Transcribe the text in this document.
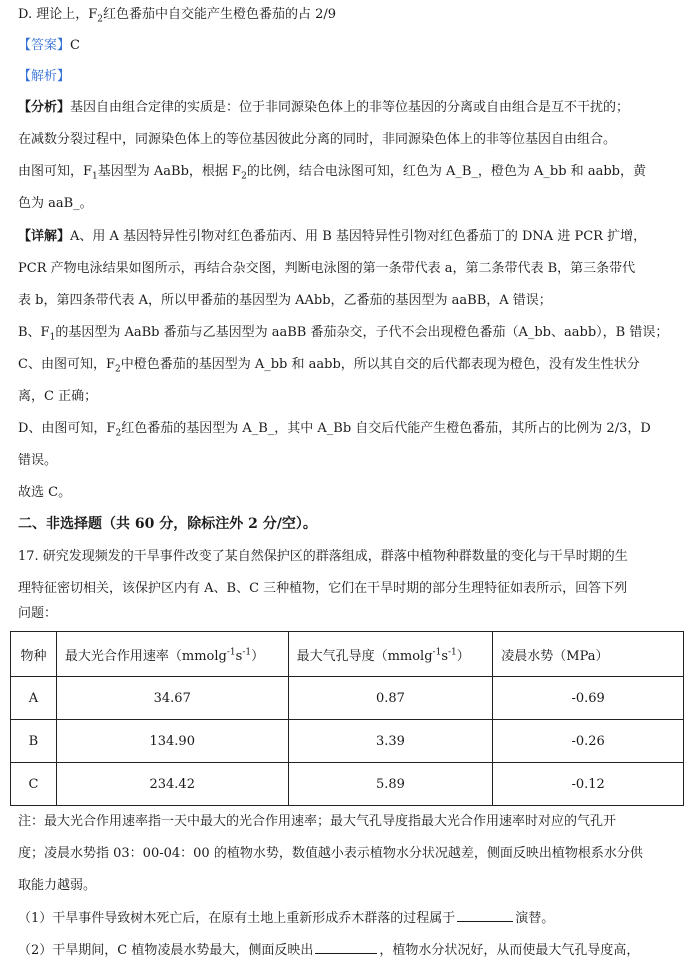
D. 理论上，$F_2$红色番茄中自交能产生橙色番茄的占 2/9
【答案】C
【解析】
【分析】基因自由组合定律的实质是：位于非同源染色体上的非等位基因的分离或自由组合是互不干扰的；
在减数分裂过程中，同源染色体上的等位基因彼此分离的同时，非同源染色体上的非等位基因自由组合。
由图可知，$F_1$基因型为 AaBb，根据 $F_2$的比例，结合电泳图可知，红色为 A_B_，橙色为 A_bb 和 aabb，黄
色为 aaB_。
【详解】A、用 A 基因特异性引物对红色番茄丙、用 B 基因特异性引物对红色番茄丁的 DNA 进 PCR 扩增，
PCR 产物电泳结果如图所示，再结合杂交图，判断电泳图的第一条带代表 a，第二条带代表 B，第三条带代
表 b，第四条带代表 A，所以甲番茄的基因型为 AAbb，乙番茄的基因型为 aaBB，A 错误；
B、$F_1$的基因型为 AaBb 番茄与乙基因型为 aaBB 番茄杂交，子代不会出现橙色番茄（A_bb、aabb），B 错误；
C、由图可知，$F_2$中橙色番茄的基因型为 A_bb 和 aabb，所以其自交的后代都表现为橙色，没有发生性状分
离，C 正确；
D、由图可知，$F_2$红色番茄的基因型为 A_B_，其中 A_Bb 自交后代能产生橙色番茄，其所占的比例为 2/3，D
错误。
故选 C。
二、非选择题（共 60 分，除标注外 2 分/空）。
17. 研究发现频发的干旱事件改变了某自然保护区的群落组成，群落中植物种群数量的变化与干旱时期的生
理特征密切相关，该保护区内有 A、B、C 三种植物，它们在干旱时期的部分生理特征如表所示，回答下列
问题：
物种	最大光合作用速率$(mmolg^{-1}s^{-1})$	最大气孔导度$(mmolg^{-1}s^{-1})$	凌晨水势（MPa）
A	34.67	0.87	-0.69
B	134.90	3.39	-0.26
C	234.42	5.89	-0.12
注：最大光合作用速率指一天中最大的光合作用速率；最大气孔导度指最大光合作用速率时对应的气孔开
度；凌晨水势指 03：00-04：00 的植物水势，数值越小表示植物水分状况越差，侧面反映出植物根系水分供
取能力越弱。
（1）干旱事件导致树木死亡后，在原有土地上重新形成乔木群落的过程属于	演替。
（2）干旱期间，C 植物凌晨水势最大，侧面反映出	，植物水分状况好，从而使最大气孔导度高，
